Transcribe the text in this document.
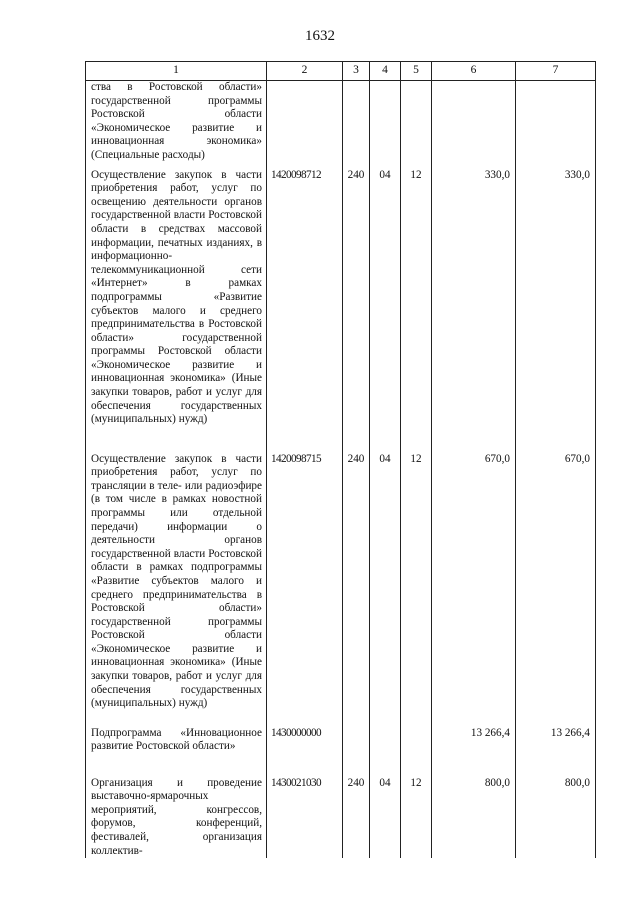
1632
1	2	3	4	5	6	7
ства в Ростовской области» государственной программы Ростовской области «Экономическое развитие и инновационная экономика» (Специальные расходы)						
Осуществление закупок в части приобретения работ, услуг по освещению деятельности органов государственной власти Ростовской области в средствах массовой информации, печатных изданиях, в информационно-телекоммуникационной сети «Интернет» в рамках подпрограммы «Развитие субъектов малого и среднего предпринимательства в Ростовской области» государственной программы Ростовской области «Экономическое развитие и инновационная экономика» (Иные закупки товаров, работ и услуг для обеспечения государственных (муниципальных) нужд)	1420098712	240	04	12	330,0	330,0
Осуществление закупок в части приобретения работ, услуг по трансляции в теле- или радиоэфире (в том числе в рамках новостной программы или отдельной передачи) информации о деятельности органов государственной власти Ростовской области в рамках подпрограммы «Развитие субъектов малого и среднего предпринимательства в Ростовской области» государственной программы Ростовской области «Экономическое развитие и инновационная экономика» (Иные закупки товаров, работ и услуг для обеспечения государственных (муниципальных) нужд)	1420098715	240	04	12	670,0	670,0
Подпрограмма «Инновационное развитие Ростовской области»	1430000000				13 266,4	13 266,4
Организация и проведение выставочно-ярмарочных мероприятий, конгрессов, форумов, конференций, фестивалей, организация коллектив-	1430021030	240	04	12	800,0	800,0
